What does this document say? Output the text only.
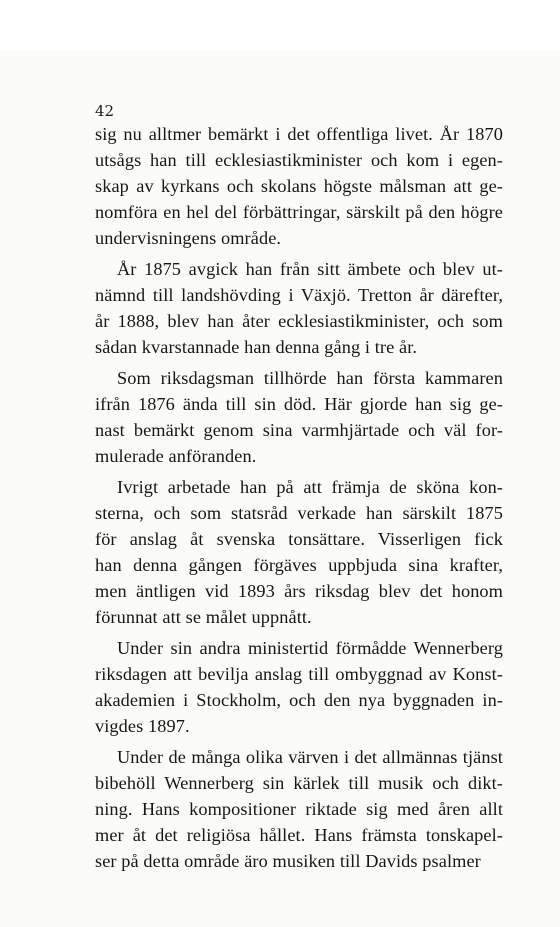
42

sig nu alltmer bemärkt i det offentliga livet. År 1870
utsågs han till ecklesiastikminister och kom i egen-
skap av kyrkans och skolans högste målsman att ge-
nomföra en hel del förbättringar, särskilt på den högre
undervisningens område.

År 1875 avgick han från sitt ämbete och blev ut-
nämnd till landshövding i Växjö. Tretton år därefter,
år 1888, blev han åter ecklesiastikminister, och som
sådan kvarstannade han denna gång i tre år.

Som riksdagsman tillhörde han första kammaren
ifrån 1876 ända till sin död. Här gjorde han sig ge-
nast bemärkt genom sina varmhjärtade och väl for-
mulerade anföranden.

Ivrigt arbetade han på att främja de sköna kon-
sterna, och som statsråd verkade han särskilt 1875
för anslag åt svenska tonsättare. Visserligen fick
han denna gången förgäves uppbjuda sina krafter,
men äntligen vid 1893 års riksdag blev det honom
förunnat att se målet uppnått.

Under sin andra ministertid förmådde Wennerberg
riksdagen att bevilja anslag till ombyggnad av Konst-
akademien i Stockholm, och den nya byggnaden in-
vigdes 1897.

Under de många olika värven i det allmännas tjänst
bibehöll Wennerberg sin kärlek till musik och dikt-
ning. Hans kompositioner riktade sig med åren allt
mer åt det religiösa hållet. Hans främsta tonskapel-
ser på detta område äro musiken till Davids psalmer
